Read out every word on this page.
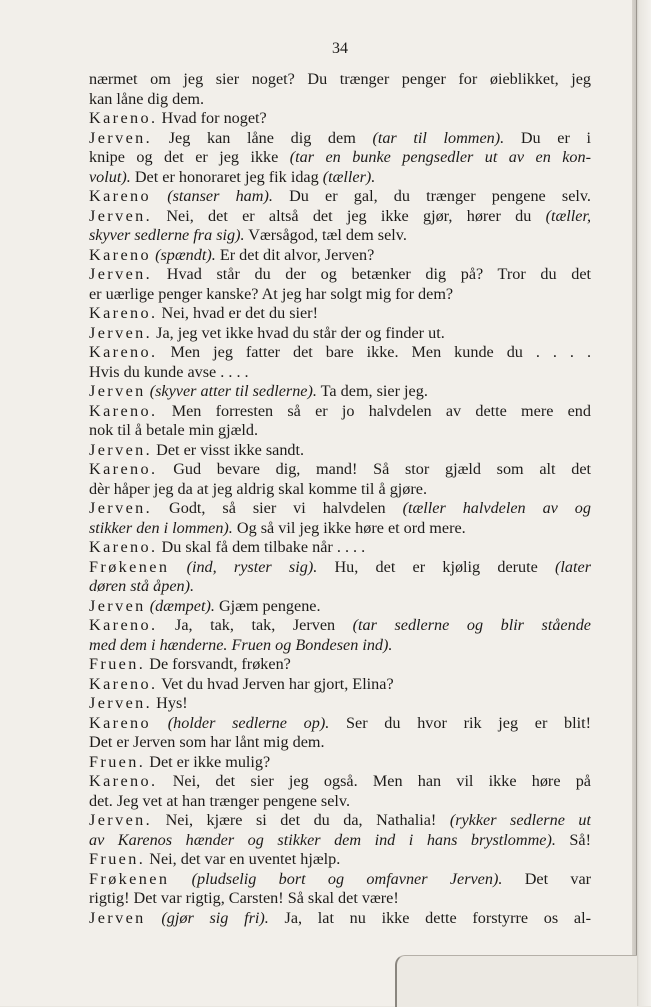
34
nærmet om jeg sier noget? Du trænger penger for øieblikket, jeg
kan låne dig dem.
Kareno. Hvad for noget?
Jerven. Jeg kan låne dig dem (tar til lommen). Du er i
knipe og det er jeg ikke (tar en bunke pengsedler ut av en kon-
volut). Det er honoraret jeg fik idag (tæller).
Kareno (stanser ham). Du er gal, du trænger pengene selv.
Jerven. Nei, det er altså det jeg ikke gjør, hører du (tæller,
skyver sedlerne fra sig). Værsågod, tæl dem selv.
Kareno (spændt). Er det dit alvor, Jerven?
Jerven. Hvad står du der og betænker dig på? Tror du det
er uærlige penger kanske? At jeg har solgt mig for dem?
Kareno. Nei, hvad er det du sier!
Jerven. Ja, jeg vet ikke hvad du står der og finder ut.
Kareno. Men jeg fatter det bare ikke. Men kunde du . . . .
Hvis du kunde avse . . . .
Jerven (skyver atter til sedlerne). Ta dem, sier jeg.
Kareno. Men forresten så er jo halvdelen av dette mere end
nok til å betale min gjæld.
Jerven. Det er visst ikke sandt.
Kareno. Gud bevare dig, mand! Så stor gjæld som alt det
dèr håper jeg da at jeg aldrig skal komme til å gjøre.
Jerven. Godt, så sier vi halvdelen (tæller halvdelen av og
stikker den i lommen). Og så vil jeg ikke høre et ord mere.
Kareno. Du skal få dem tilbake når . . . .
Frøkenen (ind, ryster sig). Hu, det er kjølig derute (later
døren stå åpen).
Jerven (dæmpet). Gjæm pengene.
Kareno. Ja, tak, tak, Jerven (tar sedlerne og blir stående
med dem i hænderne. Fruen og Bondesen ind).
Fruen. De forsvandt, frøken?
Kareno. Vet du hvad Jerven har gjort, Elina?
Jerven. Hys!
Kareno (holder sedlerne op). Ser du hvor rik jeg er blit!
Det er Jerven som har lånt mig dem.
Fruen. Det er ikke mulig?
Kareno. Nei, det sier jeg også. Men han vil ikke høre på
det. Jeg vet at han trænger pengene selv.
Jerven. Nei, kjære si det du da, Nathalia! (rykker sedlerne ut
av Karenos hænder og stikker dem ind i hans brystlomme). Så!
Fruen. Nei, det var en uventet hjælp.
Frøkenen (pludselig bort og omfavner Jerven). Det var
rigtig! Det var rigtig, Carsten! Så skal det være!
Jerven (gjør sig fri). Ja, lat nu ikke dette forstyrre os al-
